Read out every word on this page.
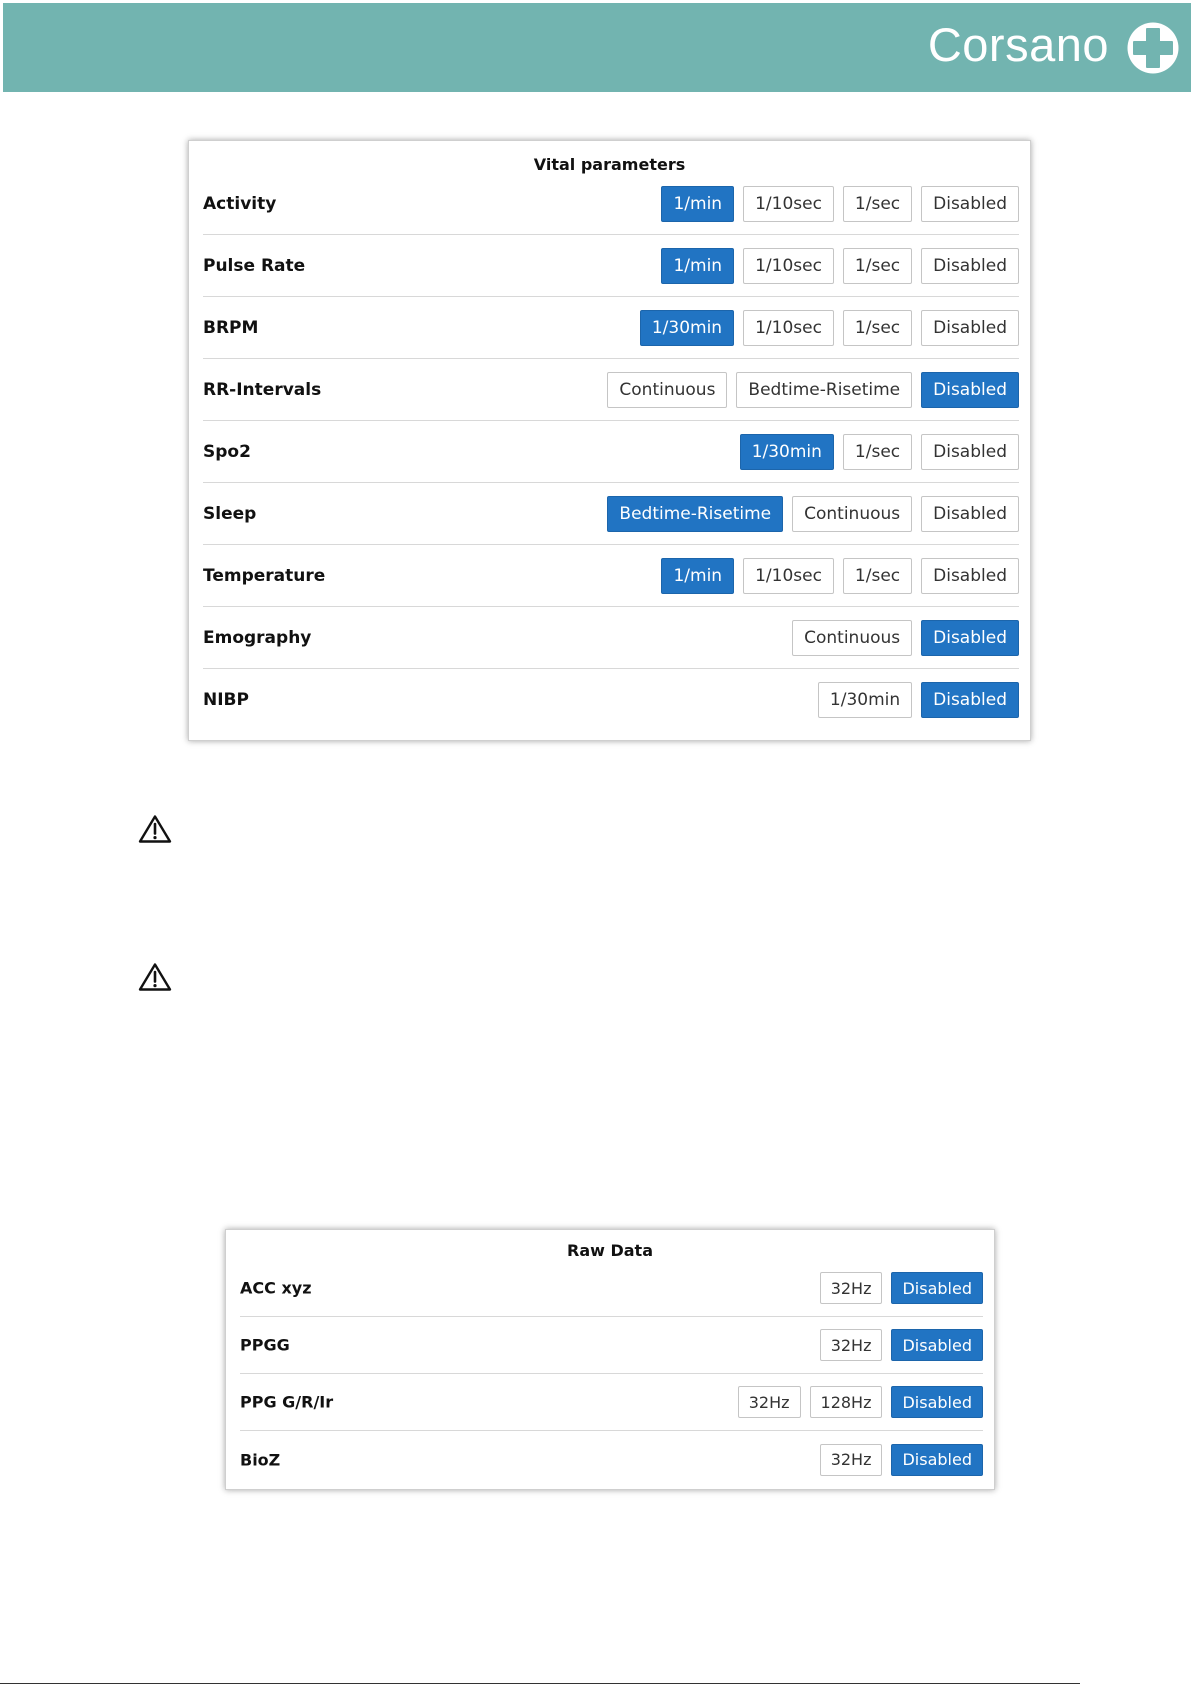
Corsano
Vital parameters
Activity	1/min	1/10sec	1/sec	Disabled
Pulse Rate	1/min	1/10sec	1/sec	Disabled
BRPM	1/30min	1/10sec	1/sec	Disabled
RR-Intervals	Continuous	Bedtime-Risetime	Disabled
Spo2	1/30min	1/sec	Disabled
Sleep	Bedtime-Risetime	Continuous	Disabled
Temperature	1/min	1/10sec	1/sec	Disabled
Emography	Continuous	Disabled
NIBP	1/30min	Disabled
Raw Data
ACC xyz	32Hz	Disabled
PPGG	32Hz	Disabled
PPG G/R/Ir	32Hz	128Hz	Disabled
BioZ	32Hz	Disabled
